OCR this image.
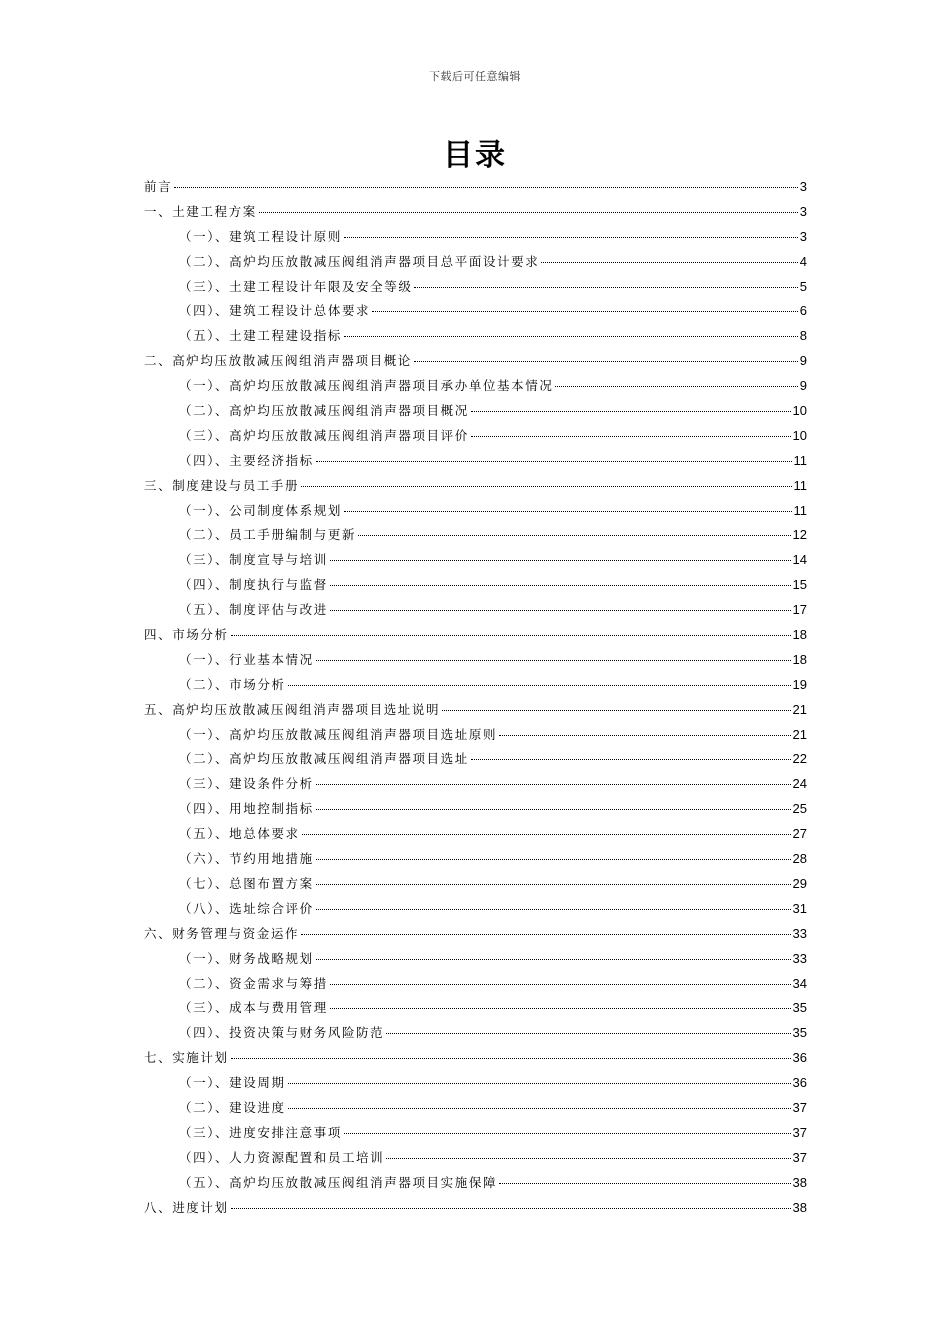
下载后可任意编辑
目录
前言	3
一、土建工程方案	3
（一）、建筑工程设计原则	3
（二）、高炉均压放散减压阀组消声器项目总平面设计要求	4
（三）、土建工程设计年限及安全等级	5
（四）、建筑工程设计总体要求	6
（五）、土建工程建设指标	8
二、高炉均压放散减压阀组消声器项目概论	9
（一）、高炉均压放散减压阀组消声器项目承办单位基本情况	9
（二）、高炉均压放散减压阀组消声器项目概况	10
（三）、高炉均压放散减压阀组消声器项目评价	10
（四）、主要经济指标	11
三、制度建设与员工手册	11
（一）、公司制度体系规划	11
（二）、员工手册编制与更新	12
（三）、制度宣导与培训	14
（四）、制度执行与监督	15
（五）、制度评估与改进	17
四、市场分析	18
（一）、行业基本情况	18
（二）、市场分析	19
五、高炉均压放散减压阀组消声器项目选址说明	21
（一）、高炉均压放散减压阀组消声器项目选址原则	21
（二）、高炉均压放散减压阀组消声器项目选址	22
（三）、建设条件分析	24
（四）、用地控制指标	25
（五）、地总体要求	27
（六）、节约用地措施	28
（七）、总图布置方案	29
（八）、选址综合评价	31
六、财务管理与资金运作	33
（一）、财务战略规划	33
（二）、资金需求与筹措	34
（三）、成本与费用管理	35
（四）、投资决策与财务风险防范	35
七、实施计划	36
（一）、建设周期	36
（二）、建设进度	37
（三）、进度安排注意事项	37
（四）、人力资源配置和员工培训	37
（五）、高炉均压放散减压阀组消声器项目实施保障	38
八、进度计划	38
